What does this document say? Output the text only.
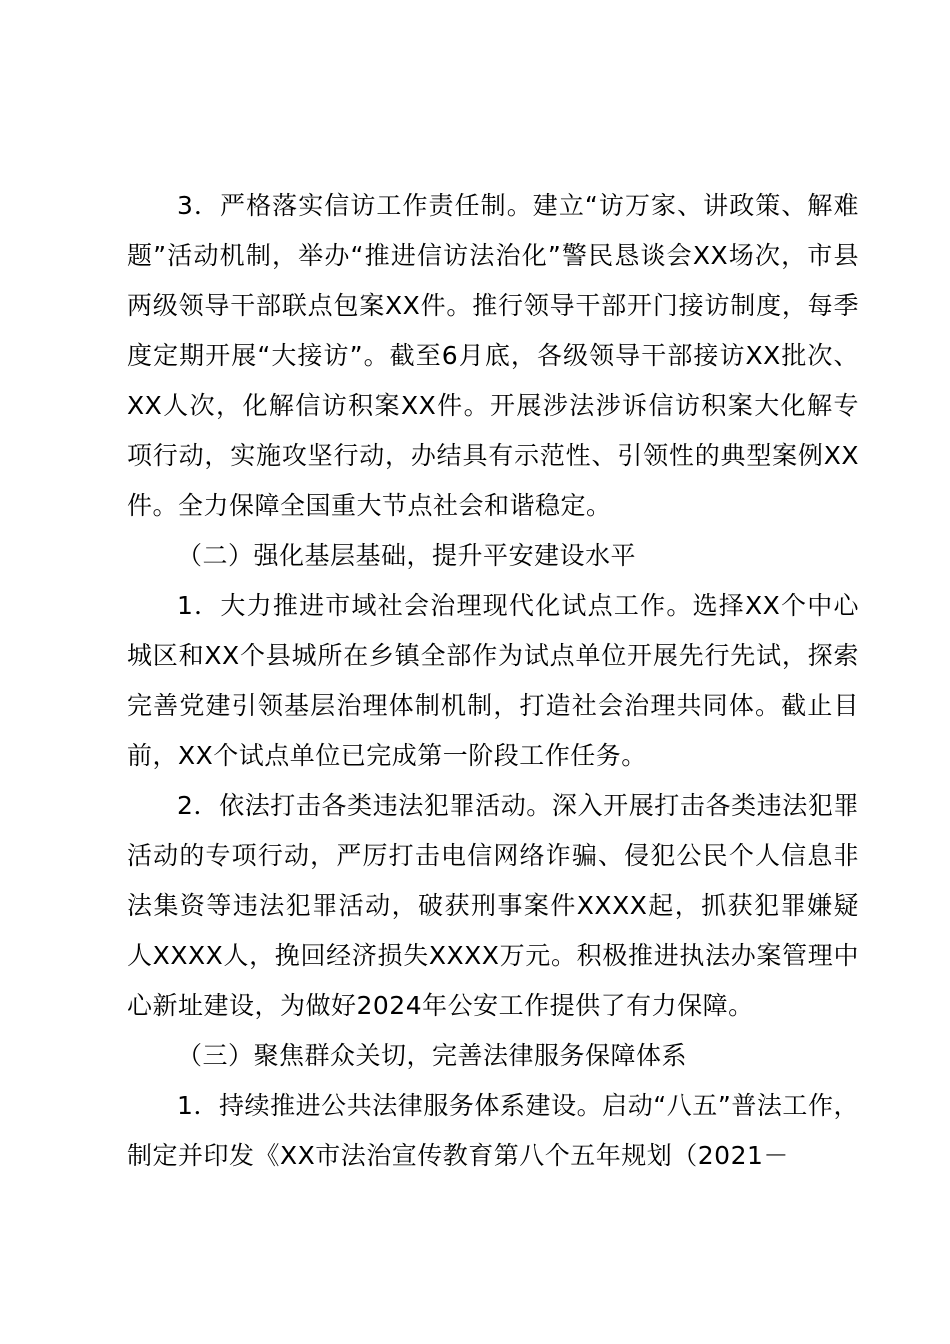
3．严格落实信访工作责任制。建立“访万家、讲政策、解难题”活动机制，举办“推进信访法治化”警民恳谈会XX场次，市县两级领导干部联点包案XX件。推行领导干部开门接访制度，每季度定期开展“大接访”。截至6月底，各级领导干部接访XX批次、XX人次，化解信访积案XX件。开展涉法涉诉信访积案大化解专项行动，实施攻坚行动，办结具有示范性、引领性的典型案例XX件。全力保障全国重大节点社会和谐稳定。

（二）强化基层基础，提升平安建设水平

1．大力推进市域社会治理现代化试点工作。选择XX个中心城区和XX个县城所在乡镇全部作为试点单位开展先行先试，探索完善党建引领基层治理体制机制，打造社会治理共同体。截止目前，XX个试点单位已完成第一阶段工作任务。

2．依法打击各类违法犯罪活动。深入开展打击各类违法犯罪活动的专项行动，严厉打击电信网络诈骗、侵犯公民个人信息非法集资等违法犯罪活动，破获刑事案件XXXX起，抓获犯罪嫌疑人XXXX人，挽回经济损失XXXX万元。积极推进执法办案管理中心新址建设，为做好2024年公安工作提供了有力保障。

（三）聚焦群众关切，完善法律服务保障体系

1．持续推进公共法律服务体系建设。启动“八五”普法工作，制定并印发《XX市法治宣传教育第八个五年规划（2021－
